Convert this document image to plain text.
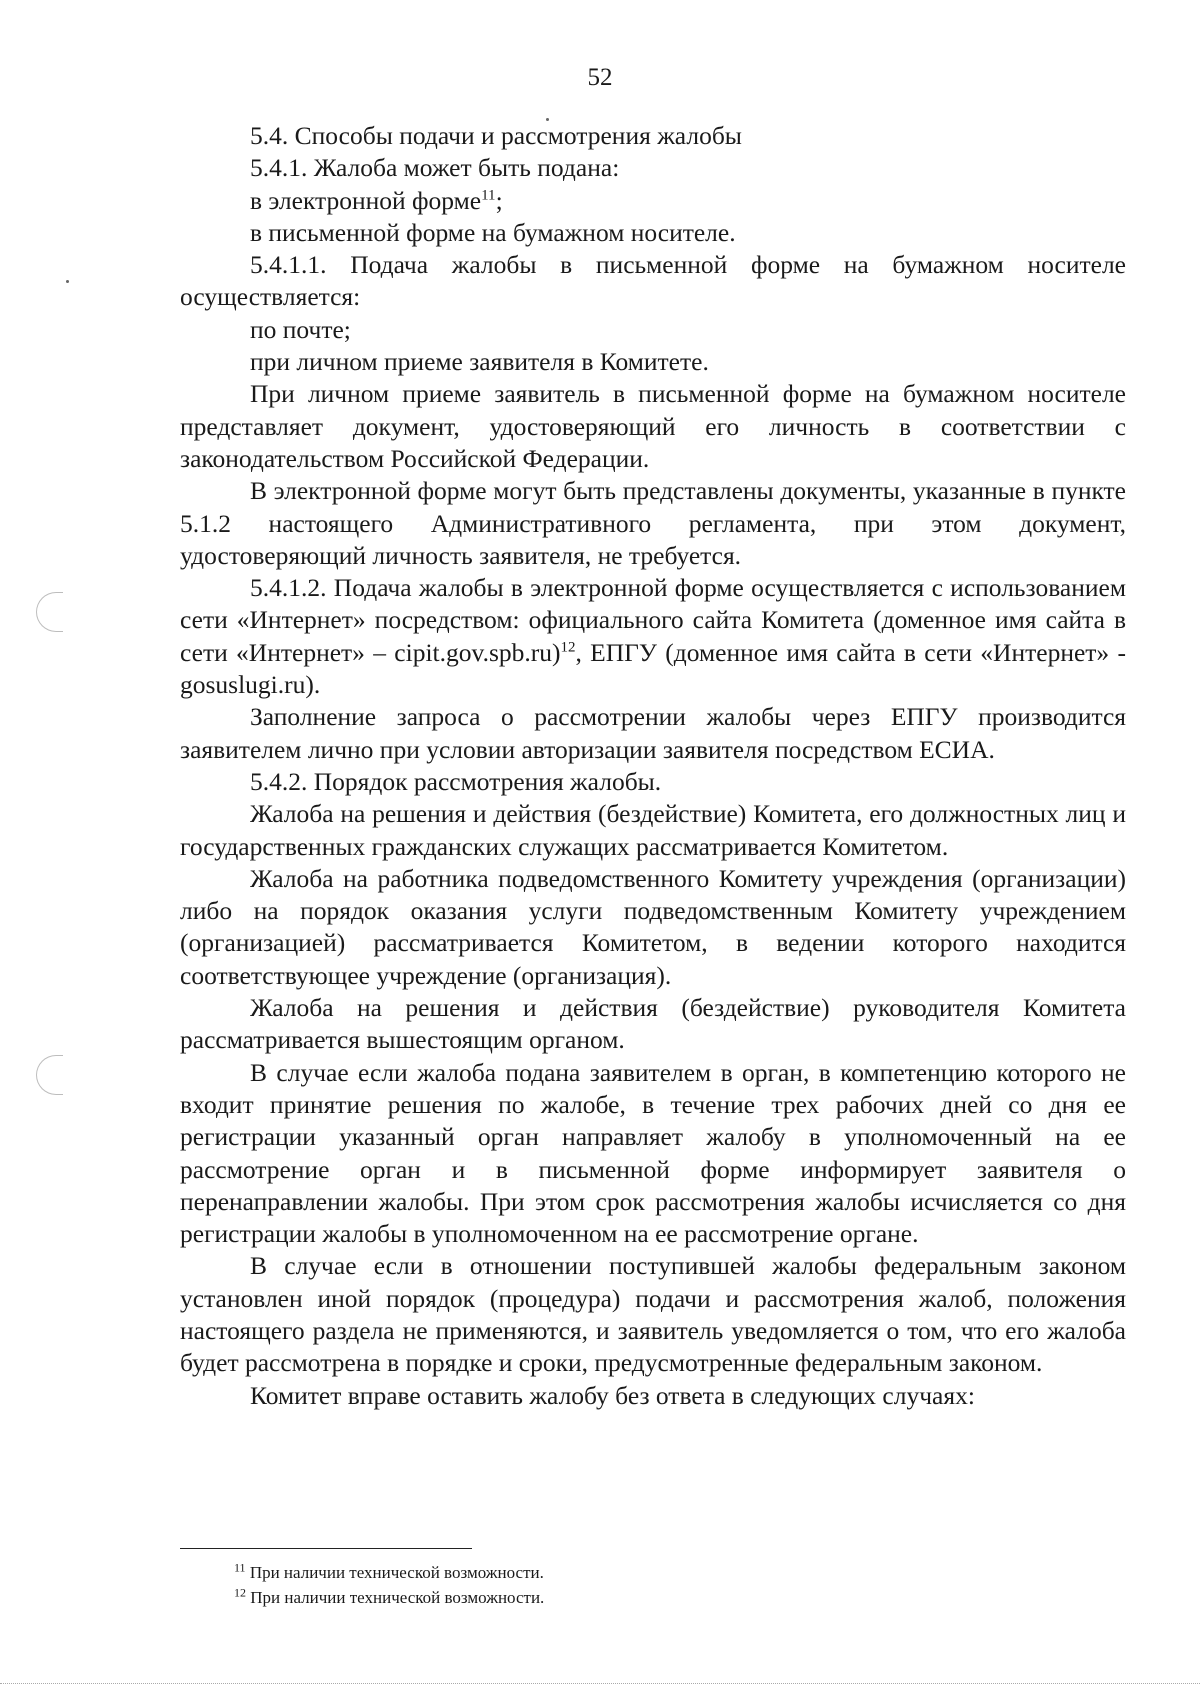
52

5.4. Способы подачи и рассмотрения жалобы

5.4.1. Жалоба может быть подана:

в электронной форме$^{11}$;

в письменной форме на бумажном носителе.

5.4.1.1. Подача жалобы в письменной форме на бумажном носителе осуществляется:

по почте;

при личном приеме заявителя в Комитете.

При личном приеме заявитель в письменной форме на бумажном носителе представляет документ, удостоверяющий его личность в соответствии с законодательством Российской Федерации.

В электронной форме могут быть представлены документы, указанные в пункте 5.1.2 настоящего Административного регламента, при этом документ, удостоверяющий личность заявителя, не требуется.

5.4.1.2. Подача жалобы в электронной форме осуществляется с использованием сети «Интернет» посредством: официального сайта Комитета (доменное имя сайта в сети «Интернет» – cipit.gov.spb.ru)$^{12}$, ЕПГУ (доменное имя сайта в сети «Интернет» - gosuslugi.ru).

Заполнение запроса о рассмотрении жалобы через ЕПГУ производится заявителем лично при условии авторизации заявителя посредством ЕСИА.

5.4.2. Порядок рассмотрения жалобы.

Жалоба на решения и действия (бездействие) Комитета, его должностных лиц и государственных гражданских служащих рассматривается Комитетом.

Жалоба на работника подведомственного Комитету учреждения (организации) либо на порядок оказания услуги подведомственным Комитету учреждением (организацией) рассматривается Комитетом, в ведении которого находится соответствующее учреждение (организация).

Жалоба на решения и действия (бездействие) руководителя Комитета рассматривается вышестоящим органом.

В случае если жалоба подана заявителем в орган, в компетенцию которого не входит принятие решения по жалобе, в течение трех рабочих дней со дня ее регистрации указанный орган направляет жалобу в уполномоченный на ее рассмотрение орган и в письменной форме информирует заявителя о перенаправлении жалобы. При этом срок рассмотрения жалобы исчисляется со дня регистрации жалобы в уполномоченном на ее рассмотрение органе.

В случае если в отношении поступившей жалобы федеральным законом установлен иной порядок (процедура) подачи и рассмотрения жалоб, положения настоящего раздела не применяются, и заявитель уведомляется о том, что его жалоба будет рассмотрена в порядке и сроки, предусмотренные федеральным законом.

Комитет вправе оставить жалобу без ответа в следующих случаях:

$^{11}$ При наличии технической возможности.
$^{12}$ При наличии технической возможности.
